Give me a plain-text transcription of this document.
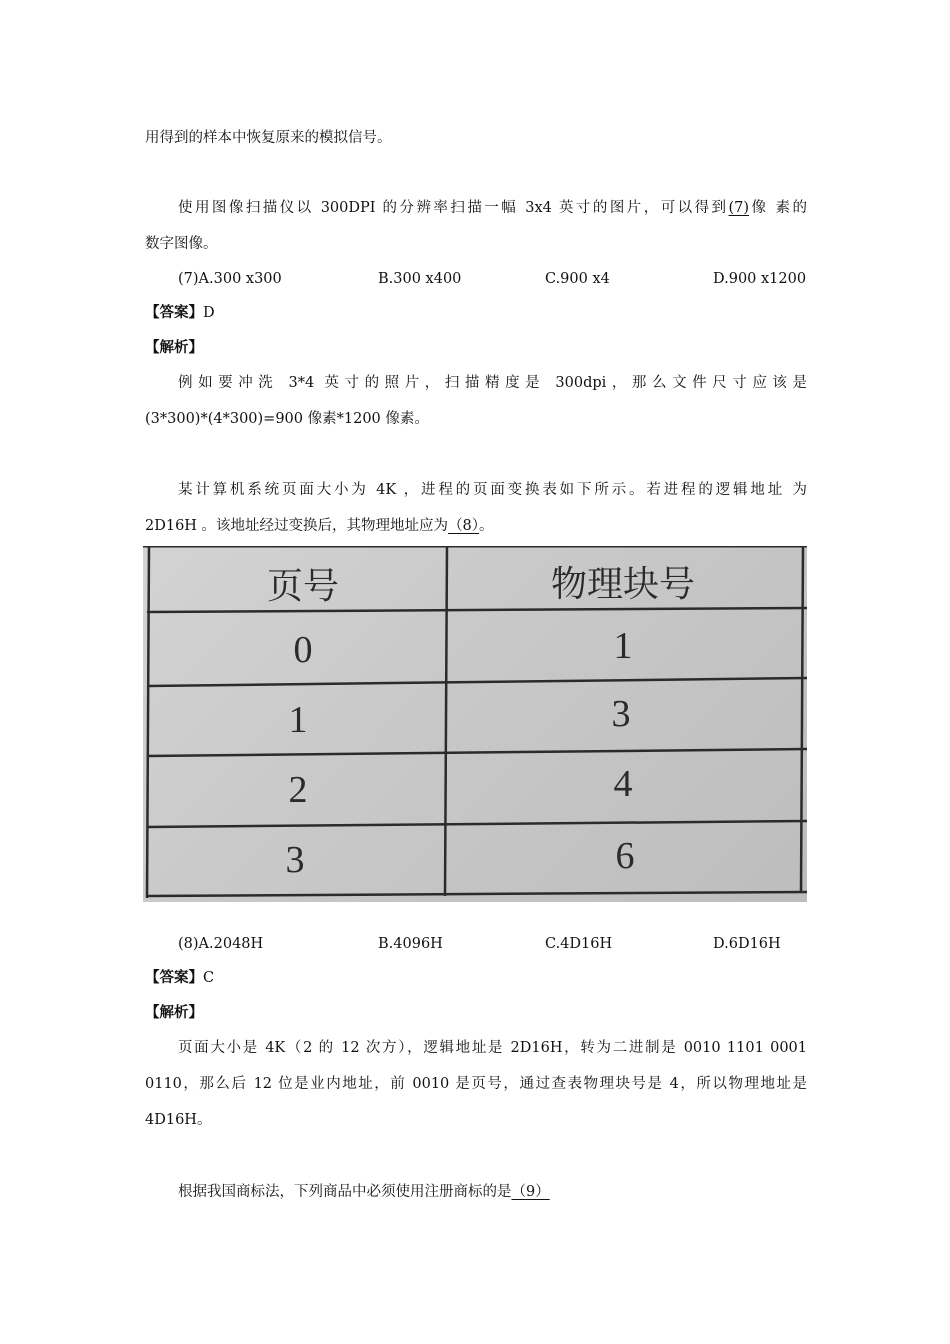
用得到的样本中恢复原来的模拟信号。
使用图像扫描仪以 300DPI 的分辨率扫描一幅 3x4 英寸的图片，可以得到(7)像 素的
数字图像。
(7)A.300 x300	B.300 x400	C.900 x4	D.900 x1200
【答案】D
【解析】
例如要冲洗 3*4 英寸的照片，扫描精度是 300dpi，那么文件尺寸应该是
(3*300)*(4*300)=900 像素*1200 像素。
某计算机系统页面大小为 4K ，进程的页面变换表如下所示。若进程的逻辑地址 为
2D16H 。该地址经过变换后，其物理地址应为（8）。
页号	物理块号
0	1
1	3
2	4
3	6
(8)A.2048H	B.4096H	C.4D16H	D.6D16H
【答案】C
【解析】
页面大小是 4K（2 的 12 次方），逻辑地址是 2D16H，转为二进制是 0010 1101 0001
0110，那么后 12 位是业内地址，前 0010 是页号，通过查表物理块号是 4，所以物理地址是
4D16H。
根据我国商标法，下列商品中必须使用注册商标的是（9）
